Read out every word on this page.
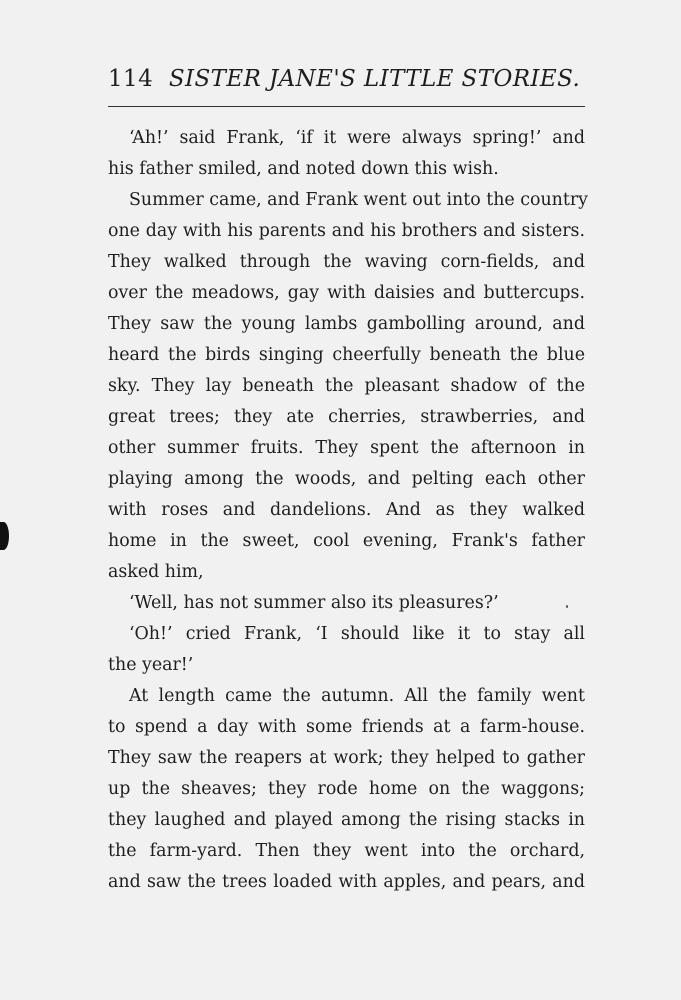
114 SISTER JANE'S LITTLE STORIES.
‘Ah!’ said Frank, ‘if it were always spring!’ and
his father smiled, and noted down this wish.
Summer came, and Frank went out into the country
one day with his parents and his brothers and sisters.
They walked through the waving corn-fields, and
over the meadows, gay with daisies and buttercups.
They saw the young lambs gambolling around, and
heard the birds singing cheerfully beneath the blue
sky. They lay beneath the pleasant shadow of the
great trees; they ate cherries, strawberries, and
other summer fruits. They spent the afternoon in
playing among the woods, and pelting each other
with roses and dandelions. And as they walked
home in the sweet, cool evening, Frank's father
asked him,
‘Well, has not summer also its pleasures?’
‘Oh!’ cried Frank, ‘I should like it to stay all
the year!’
At length came the autumn. All the family went
to spend a day with some friends at a farm-house.
They saw the reapers at work; they helped to gather
up the sheaves; they rode home on the waggons;
they laughed and played among the rising stacks in
the farm-yard. Then they went into the orchard,
and saw the trees loaded with apples, and pears, and
